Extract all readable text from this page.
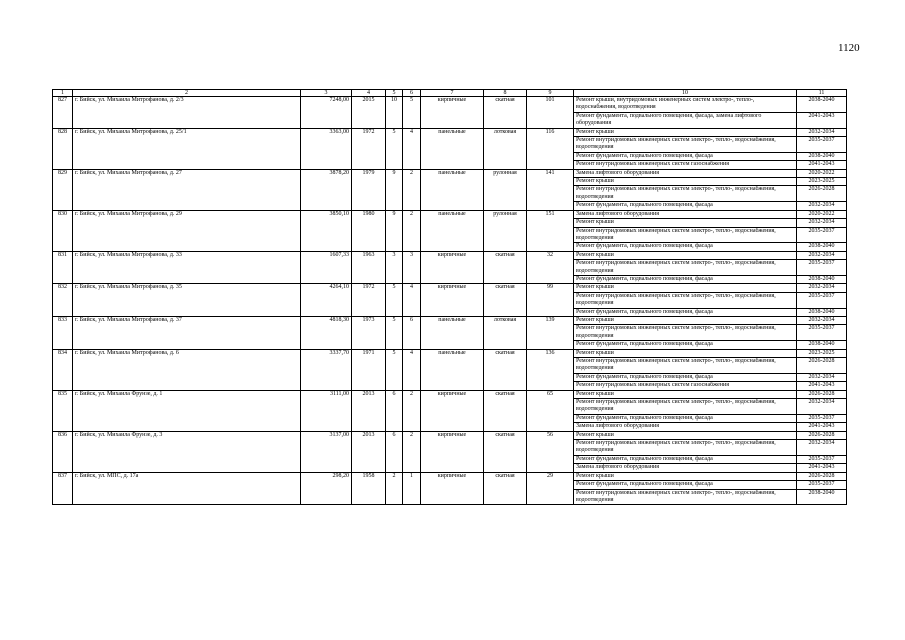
1120
1	2	3	4	5	6	7	8	9	10	11
827	г. Бийск, ул. Михаила Митрофанова, д. 2/3	7248,00	2015	10	5	кирпичные	скатная	101	Ремонт крыши, внутридомовых инженерных систем электро-, тепло-, водоснабжения, водоотведения	2038-2040
									Ремонт фундамента, подвального помещения, фасада, замена лифтового оборудования	2041-2043
828	г. Бийск, ул. Михаила Митрофанова, д. 25/1	3363,00	1972	5	4	панельные	лотковая	116	Ремонт крыши	2032-2034
									Ремонт внутридомовых инженерных систем электро-, тепло-, водоснабжения, водоотведения	2035-2037
									Ремонт фундамента, подвального помещения, фасада	2038-2040
									Ремонт внутридомовых инженерных систем газоснабжения	2041-2043
829	г. Бийск, ул. Михаила Митрофанова, д. 27	3878,20	1979	9	2	панельные	рулонная	141	Замена лифтового оборудования	2020-2022
									Ремонт крыши	2023-2025
									Ремонт внутридомовых инженерных систем электро-, тепло-, водоснабжения, водоотведения	2026-2028
									Ремонт фундамента, подвального помещения, фасада	2032-2034
830	г. Бийск, ул. Михаила Митрофанова, д. 29	3850,10	1980	9	2	панельные	рулонная	151	Замена лифтового оборудования	2020-2022
									Ремонт крыши	2032-2034
									Ремонт внутридомовых инженерных систем электро-, тепло-, водоснабжения, водоотведения	2035-2037
									Ремонт фундамента, подвального помещения, фасада	2038-2040
831	г. Бийск, ул. Михаила Митрофанова, д. 33	1607,33	1963	3	3	кирпичные	скатная	32	Ремонт крыши	2032-2034
									Ремонт внутридомовых инженерных систем электро-, тепло-, водоснабжения, водоотведения	2035-2037
									Ремонт фундамента, подвального помещения, фасада	2038-2040
832	г. Бийск, ул. Михаила Митрофанова, д. 35	4264,10	1972	5	4	кирпичные	скатная	99	Ремонт крыши	2032-2034
									Ремонт внутридомовых инженерных систем электро-, тепло-, водоснабжения, водоотведения	2035-2037
									Ремонт фундамента, подвального помещения, фасада	2038-2040
833	г. Бийск, ул. Михаила Митрофанова, д. 37	4818,30	1973	5	6	панельные	лотковая	139	Ремонт крыши	2032-2034
									Ремонт внутридомовых инженерных систем электро-, тепло-, водоснабжения, водоотведения	2035-2037
									Ремонт фундамента, подвального помещения, фасада	2038-2040
834	г. Бийск, ул. Михаила Митрофанова, д. 6	3337,70	1971	5	4	панельные	скатная	136	Ремонт крыши	2023-2025
									Ремонт внутридомовых инженерных систем электро-, тепло-, водоснабжения, водоотведения	2026-2028
									Ремонт фундамента, подвального помещения, фасада	2032-2034
									Ремонт внутридомовых инженерных систем газоснабжения	2041-2043
835	г. Бийск, ул. Михаила Фрунзе, д. 1	3111,00	2013	6	2	кирпичные	скатная	65	Ремонт крыши	2026-2028
									Ремонт внутридомовых инженерных систем электро-, тепло-, водоснабжения, водоотведения	2032-2034
									Ремонт фундамента, подвального помещения, фасада	2035-2037
									Замена лифтового оборудования	2041-2043
836	г. Бийск, ул. Михаила Фрунзе, д. 3	3137,00	2013	6	2	кирпичные	скатная	56	Ремонт крыши	2026-2028
									Ремонт внутридомовых инженерных систем электро-, тепло-, водоснабжения, водоотведения	2032-2034
									Ремонт фундамента, подвального помещения, фасада	2035-2037
									Замена лифтового оборудования	2041-2043
837	г. Бийск, ул. МПС, д. 17а	298,20	1958	2	1	кирпичные	скатная	29	Ремонт крыши	2026-2028
									Ремонт фундамента, подвального помещения, фасада	2035-2037
									Ремонт внутридомовых инженерных систем электро-, тепло-, водоснабжения, водоотведения	2038-2040
